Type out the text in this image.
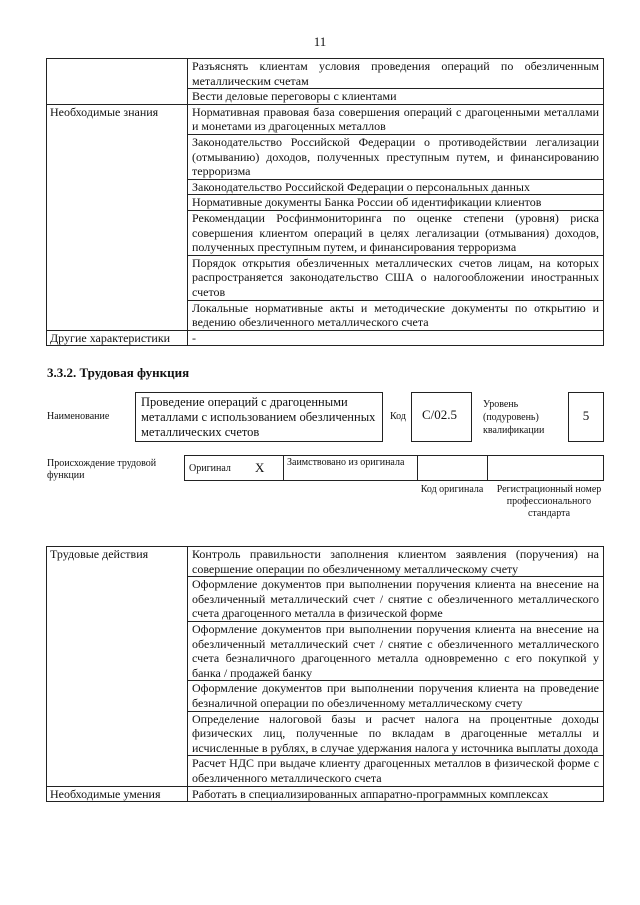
11
	Разъяснять клиентам условия проведения операций по обезличенным металлическим счетам
	Вести деловые переговоры с клиентами
Необходимые знания	Нормативная правовая база совершения операций с драгоценными металлами и монетами из драгоценных металлов
	Законодательство Российской Федерации о противодействии легализации (отмыванию) доходов, полученных преступным путем, и финансированию терроризма
	Законодательство Российской Федерации о персональных данных
	Нормативные документы Банка России об идентификации клиентов
	Рекомендации Росфинмониторинга по оценке степени (уровня) риска совершения клиентом операций в целях легализации (отмывания) доходов, полученных преступным путем, и финансирования терроризма
	Порядок открытия обезличенных металлических счетов лицам, на которых распространяется законодательство США о налогообложении иностранных счетов
	Локальные нормативные акты и методические документы по открытию и ведению обезличенного металлического счета
Другие характеристики	-
3.3.2. Трудовая функция
Наименование
Проведение операций с драгоценными металлами с использованием обезличенных металлических счетов
Код	C/02.5
Уровень (подуровень) квалификации
5
Происхождение трудовой функции
Оригинал X Заимствовано из оригинала
Код оригинала Регистрационный номер профессионального стандарта
Трудовые действия	Контроль правильности заполнения клиентом заявления (поручения) на совершение операции по обезличенному металлическому счету
	Оформление документов при выполнении поручения клиента на внесение на обезличенный металлический счет / снятие с обезличенного металлического счета драгоценного металла в физической форме
	Оформление документов при выполнении поручения клиента на внесение на обезличенный металлический счет / снятие с обезличенного металлического счета безналичного драгоценного металла одновременно с его покупкой у банка / продажей банку
	Оформление документов при выполнении поручения клиента на проведение безналичной операции по обезличенному металлическому счету
	Определение налоговой базы и расчет налога на процентные доходы физических лиц, полученные по вкладам в драгоценные металлы и исчисленные в рублях, в случае удержания налога у источника выплаты дохода
	Расчет НДС при выдаче клиенту драгоценных металлов в физической форме с обезличенного металлического счета
Необходимые умения	Работать в специализированных аппаратно-программных комплексах
